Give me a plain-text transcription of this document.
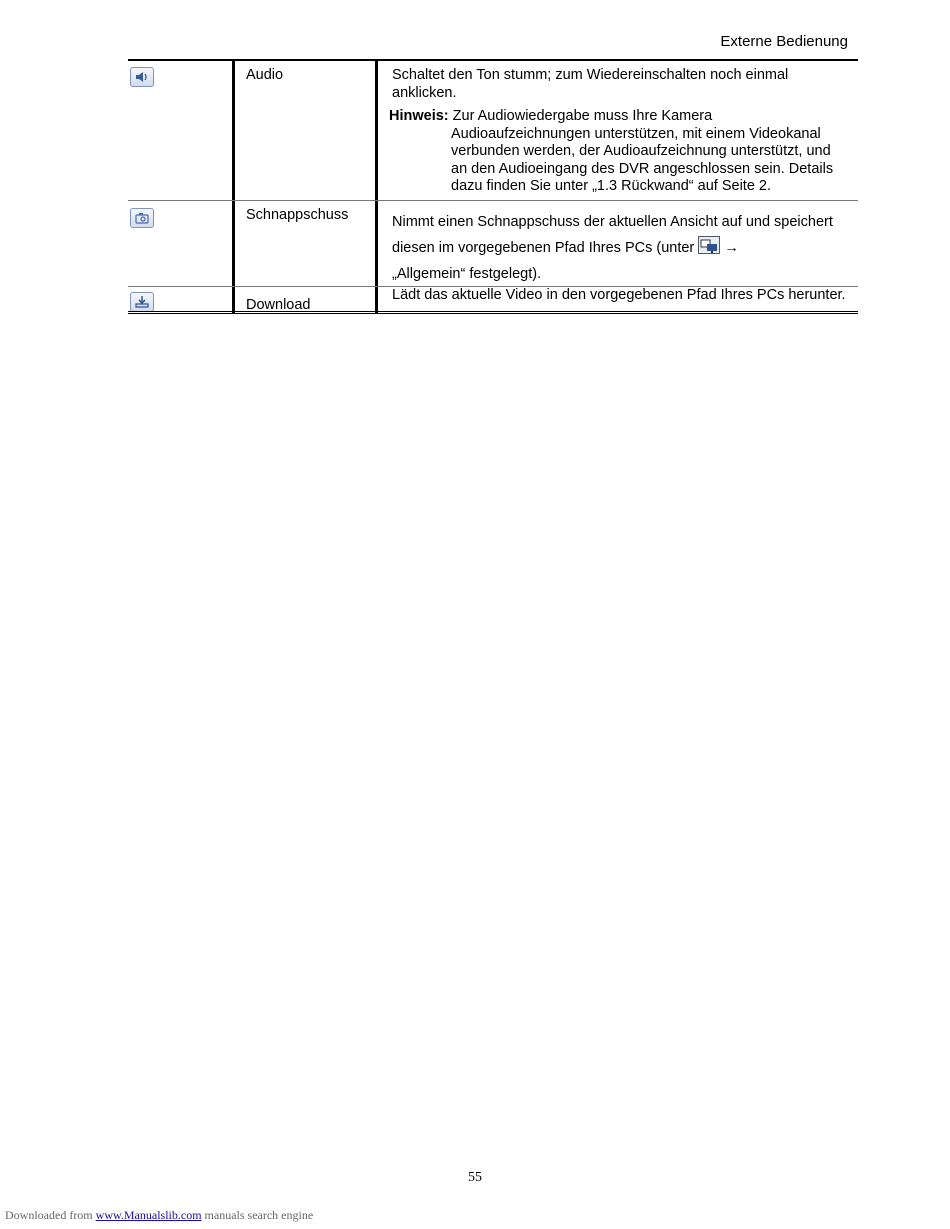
Externe Bedienung
Audio	Schaltet den Ton stumm; zum Wiedereinschalten noch einmal
anklicken.
Hinweis: Zur Audiowiedergabe muss Ihre Kamera
Audioaufzeichnungen unterstützen, mit einem Videokanal
verbunden werden, der Audioaufzeichnung unterstützt, und
an den Audioeingang des DVR angeschlossen sein. Details
dazu finden Sie unter „1.3 Rückwand“ auf Seite 2.
Schnappschuss	Nimmt einen Schnappschuss der aktuellen Ansicht auf und speichert
diesen im vorgegebenen Pfad Ihres PCs (unter →
„Allgemein“ festgelegt).
Download
Lädt das aktuelle Video in den vorgegebenen Pfad Ihres PCs herunter.
55
Downloaded from www.Manualslib.com manuals search engine
